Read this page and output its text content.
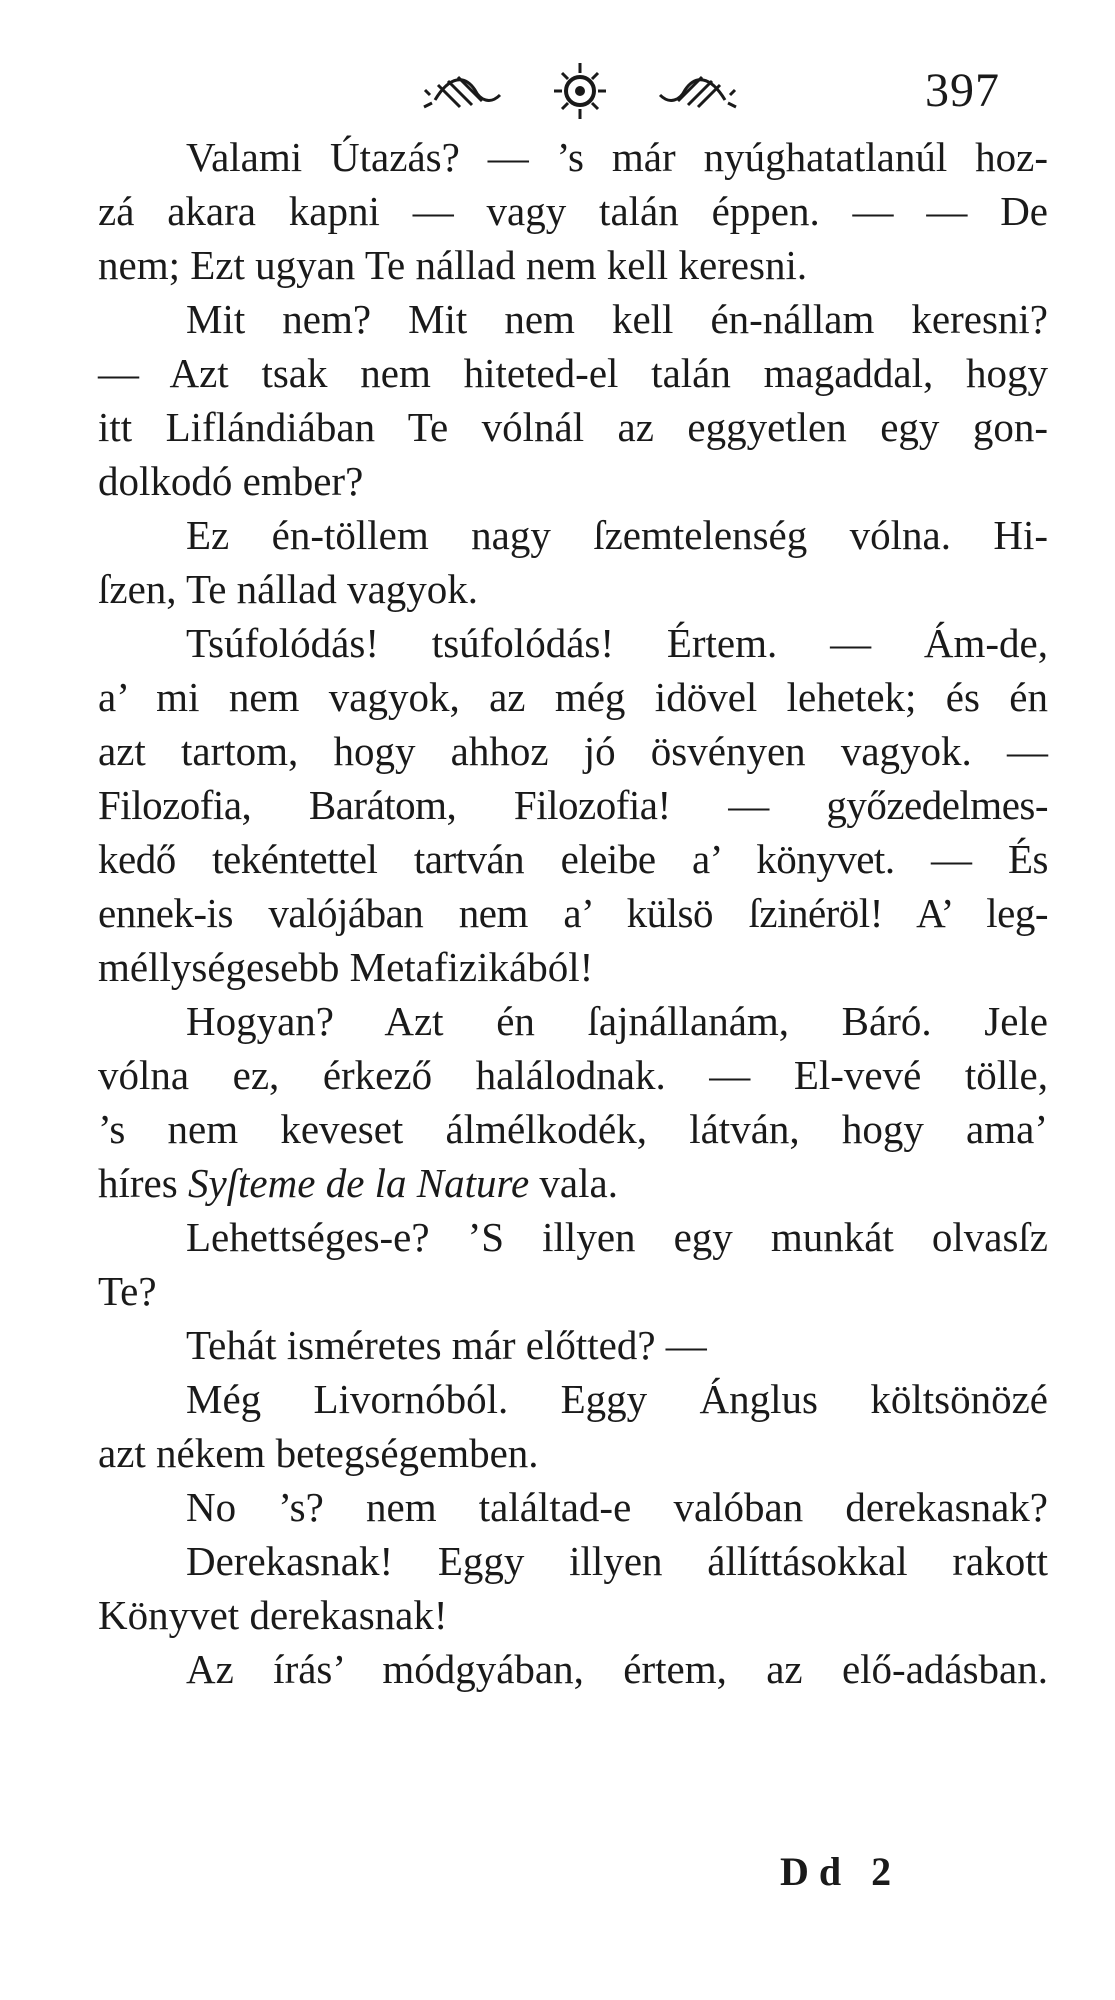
397
Valami Útazás? — ’s már nyúghatatlanúl hoz-
zá akara kapni — vagy talán éppen. — — De
nem; Ezt ugyan Te nállad nem kell keresni.
Mit nem? Mit nem kell én-nállam keresni?
— Azt tsak nem hiteted-el talán magaddal, hogy
itt Liflándiában Te vólnál az eggyetlen egy gon-
dolkodó ember?
Ez én-töllem nagy ſzemtelenség vólna. Hi-
ſzen, Te nállad vagyok.
Tsúfolódás! tsúfolódás! Értem. — Ám-de,
a’ mi nem vagyok, az még idövel lehetek; és én
azt tartom, hogy ahhoz jó ösvényen vagyok. —
Filozofia, Barátom, Filozofia! — győzedelmes-
kedő tekéntettel tartván eleibe a’ könyvet. — És
ennek-is valójában nem a’ külsö ſzinéröl! A’ leg-
méllységesebb Metafizikából!
Hogyan? Azt én ſajnállanám, Báró. Jele
vólna ez, érkező halálodnak. — El-vevé tölle,
’s nem keveset álmélkodék, látván, hogy ama’
híres Syſteme de la Nature vala.
Lehettséges-e? ’S illyen egy munkát olvasſz
Te?
Tehát isméretes már előtted? —
Még Livornóból. Eggy Ánglus költsönözé
azt nékem betegségemben.
No ’s? nem találtad-e valóban derekasnak?
Derekasnak! Eggy illyen állíttásokkal rakott
Könyvet derekasnak!
Az írás’ módgyában, értem, az elő-adásban.
Dd 2
